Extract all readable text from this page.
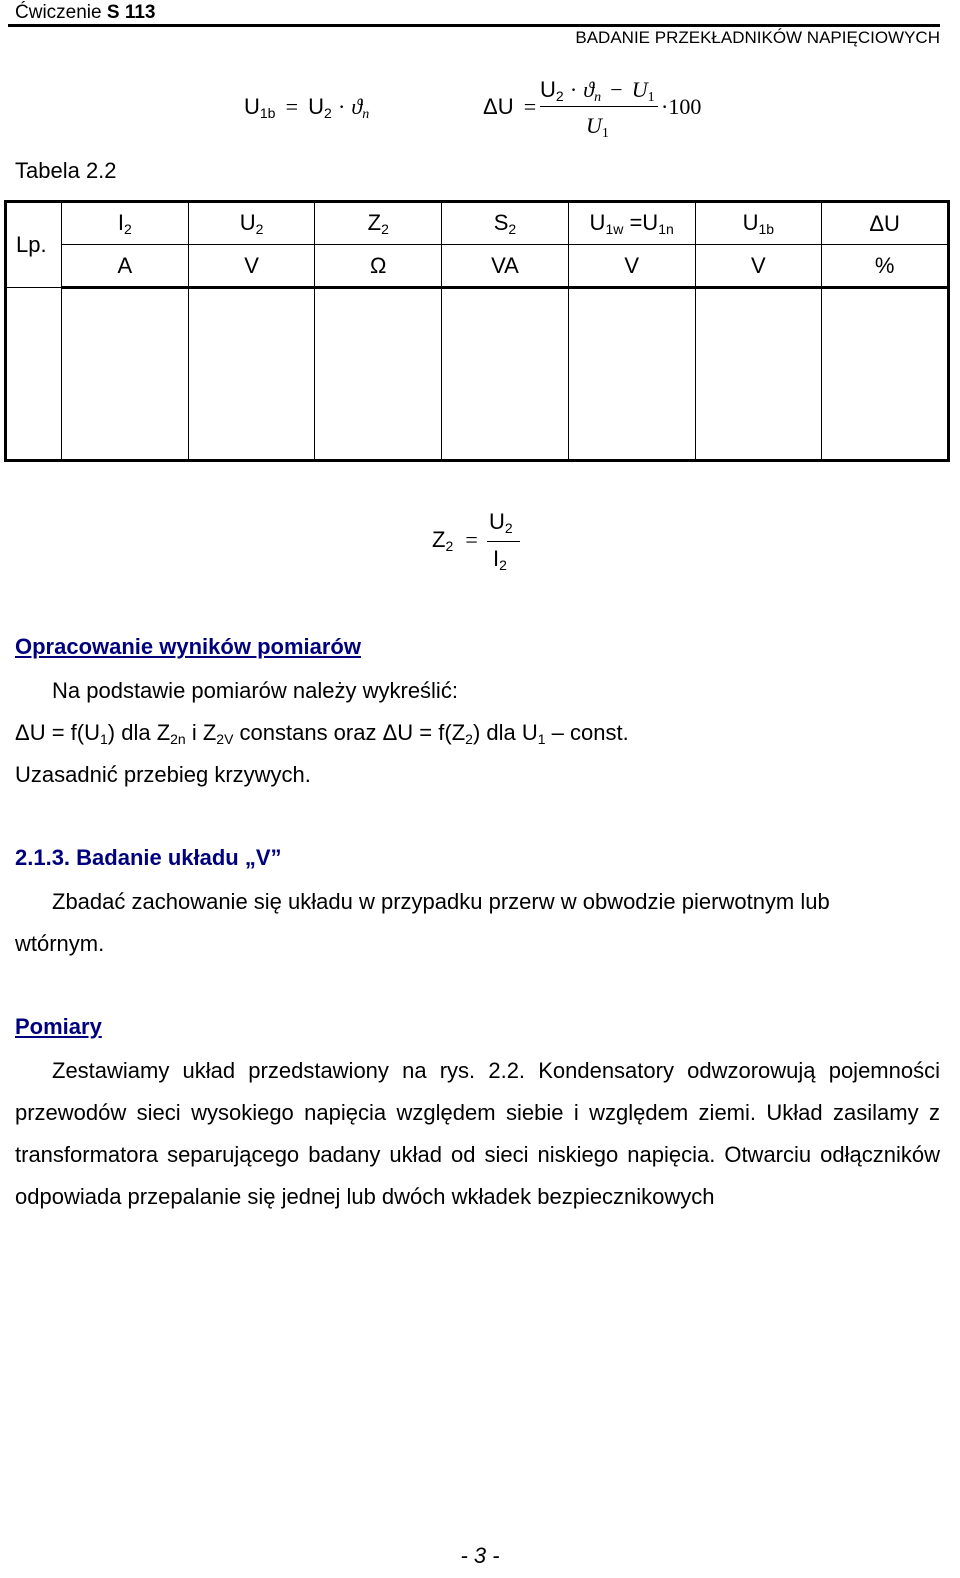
Ćwiczenie S 113
BADANIE PRZEKŁADNIKÓW NAPIĘCIOWYCH
$U_{1b} = U_2 \cdot ϑ_n$	ΔU =
$U_2 \cdot ϑ_n - U_1$
$U_1$
·100
Tabela 2.2
Lp.	$I_2$	$U_2$	$Z_2$	$S_2$	$U_{1w} =U_{1n}$	$U_{1b}$	ΔU
	A	V	Ω	VA	V	V	%

$Z_2$ =
$U_2$
$I_2$
Opracowanie wyników pomiarów
Na podstawie pomiarów należy wykreślić:
$\Delta U = f(U_1)$ dla $Z_{2n}$ i $Z_{2V}$ constans oraz $\Delta U = f(Z_2)$ dla $U_1$ – const.
Uzasadnić przebieg krzywych.
2.1.3. Badanie układu „V”
Zbadać zachowanie się układu w przypadku przerw w obwodzie pierwotnym lub
wtórnym.
Pomiary
Zestawiamy układ przedstawiony na rys. 2.2. Kondensatory odwzorowują pojemności przewodów sieci wysokiego napięcia względem siebie i względem ziemi. Układ zasilamy z transformatora separującego badany układ od sieci niskiego napięcia. Otwarciu odłączników odpowiada przepalanie się jednej lub dwóch wkładek bezpiecznikowych
- 3 -
